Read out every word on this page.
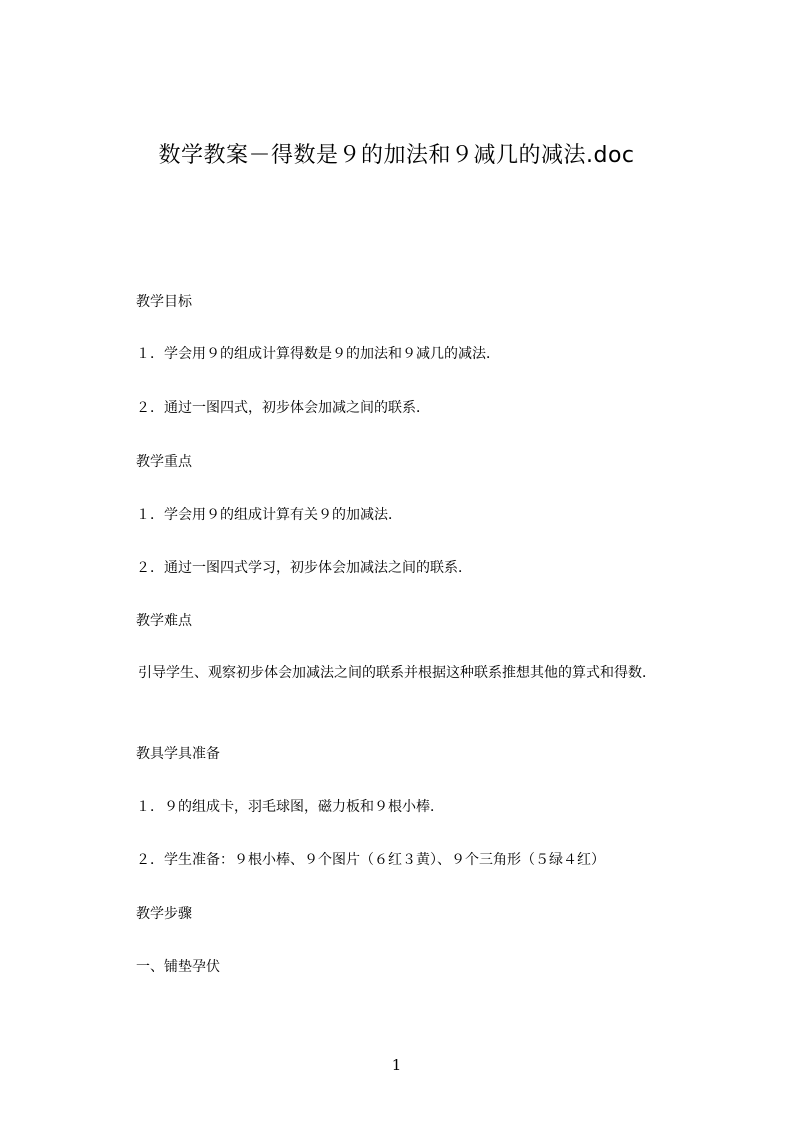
数学教案－得数是９的加法和９减几的减法.doc
教学目标
１．学会用９的组成计算得数是９的加法和９减几的减法．
２．通过一图四式，初步体会加减之间的联系．
教学重点
１．学会用９的组成计算有关９的加减法．
２．通过一图四式学习，初步体会加减法之间的联系．
教学难点
引导学生、观察初步体会加减法之间的联系并根据这种联系推想其他的算式和得数．
教具学具准备
１．９的组成卡，羽毛球图，磁力板和９根小棒．
２．学生准备：９根小棒、９个图片（６红３黄）、９个三角形（５绿４红）
教学步骤
一、铺垫孕伏
1
